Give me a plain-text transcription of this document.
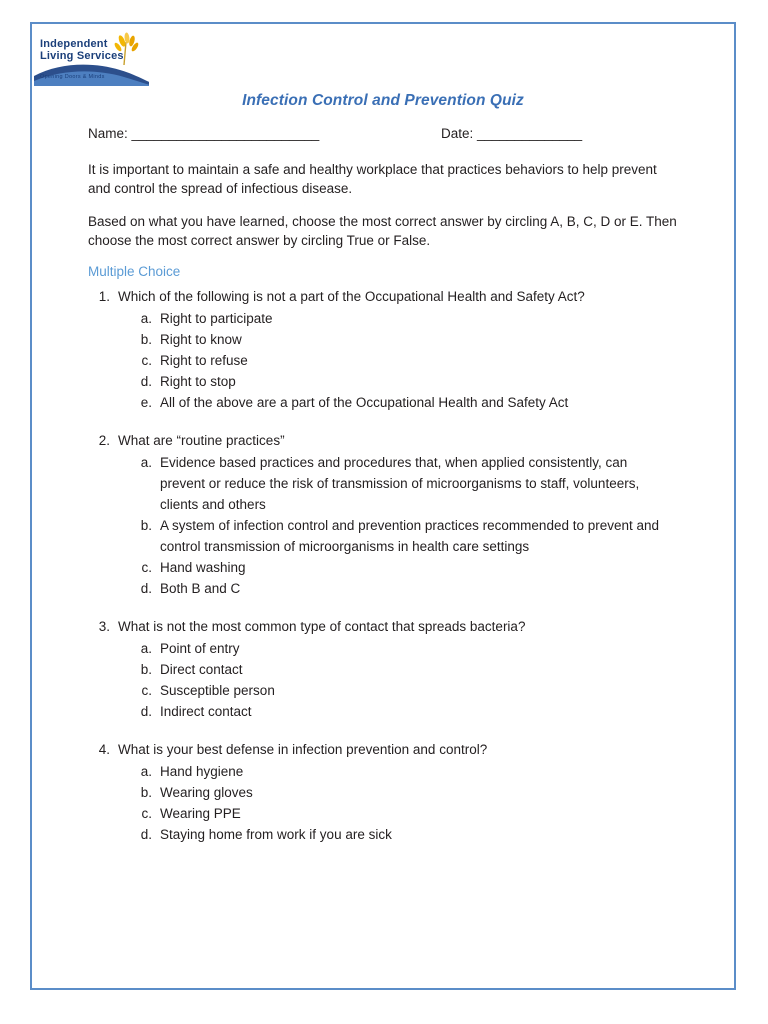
Independent
Living Services
Opening Doors & Minds
Infection Control and Prevention Quiz
Name: _________________________	Date: ______________

It is important to maintain a safe and healthy workplace that practices behaviors to help prevent and control the spread of infectious disease.

Based on what you have learned, choose the most correct answer by circling A, B, C, D or E. Then choose the most correct answer by circling True or False.

Multiple Choice
1. Which of the following is not a part of the Occupational Health and Safety Act?
a. Right to participate
b. Right to know
c. Right to refuse
d. Right to stop
e. All of the above are a part of the Occupational Health and Safety Act
2. What are “routine practices”
a. Evidence based practices and procedures that, when applied consistently, can prevent or reduce the risk of transmission of microorganisms to staff, volunteers, clients and others
b. A system of infection control and prevention practices recommended to prevent and control transmission of microorganisms in health care settings
c. Hand washing
d. Both B and C
3. What is not the most common type of contact that spreads bacteria?
a. Point of entry
b. Direct contact
c. Susceptible person
d. Indirect contact
4. What is your best defense in infection prevention and control?
a. Hand hygiene
b. Wearing gloves
c. Wearing PPE
d. Staying home from work if you are sick
